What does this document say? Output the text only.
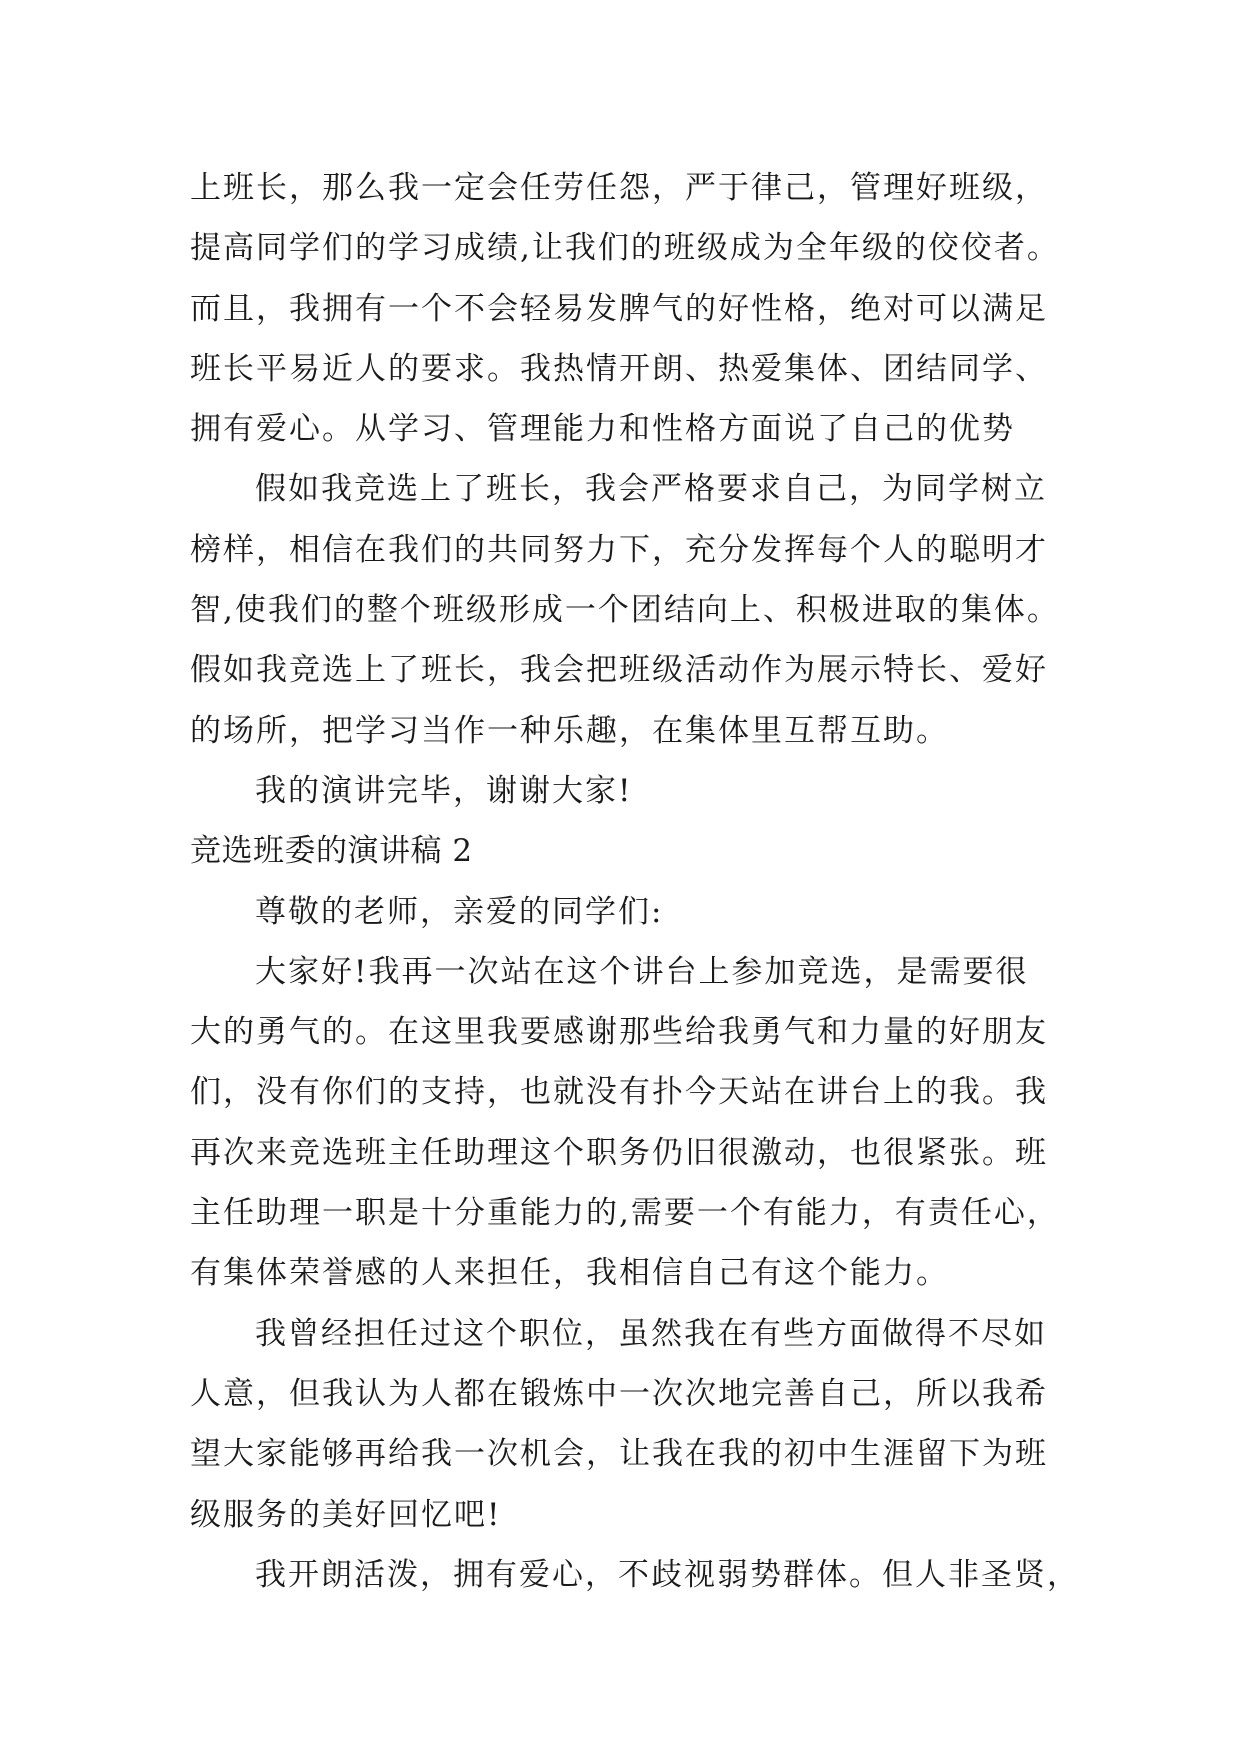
上班长，那么我一定会任劳任怨，严于律己，管理好班级，
提高同学们的学习成绩,让我们的班级成为全年级的佼佼者。
而且，我拥有一个不会轻易发脾气的好性格，绝对可以满足
班长平易近人的要求。我热情开朗、热爱集体、团结同学、
拥有爱心。从学习、管理能力和性格方面说了自己的优势
假如我竞选上了班长，我会严格要求自己，为同学树立
榜样，相信在我们的共同努力下，充分发挥每个人的聪明才
智,使我们的整个班级形成一个团结向上、积极进取的集体。
假如我竞选上了班长，我会把班级活动作为展示特长、爱好
的场所，把学习当作一种乐趣，在集体里互帮互助。
我的演讲完毕，谢谢大家!
竞选班委的演讲稿 2
尊敬的老师，亲爱的同学们:
大家好!我再一次站在这个讲台上参加竞选，是需要很
大的勇气的。在这里我要感谢那些给我勇气和力量的好朋友
们，没有你们的支持，也就没有扑今天站在讲台上的我。我
再次来竞选班主任助理这个职务仍旧很激动，也很紧张。班
主任助理一职是十分重能力的,需要一个有能力，有责任心，
有集体荣誉感的人来担任，我相信自己有这个能力。
我曾经担任过这个职位，虽然我在有些方面做得不尽如
人意，但我认为人都在锻炼中一次次地完善自己，所以我希
望大家能够再给我一次机会，让我在我的初中生涯留下为班
级服务的美好回忆吧!
我开朗活泼，拥有爱心，不歧视弱势群体。但人非圣贤，
